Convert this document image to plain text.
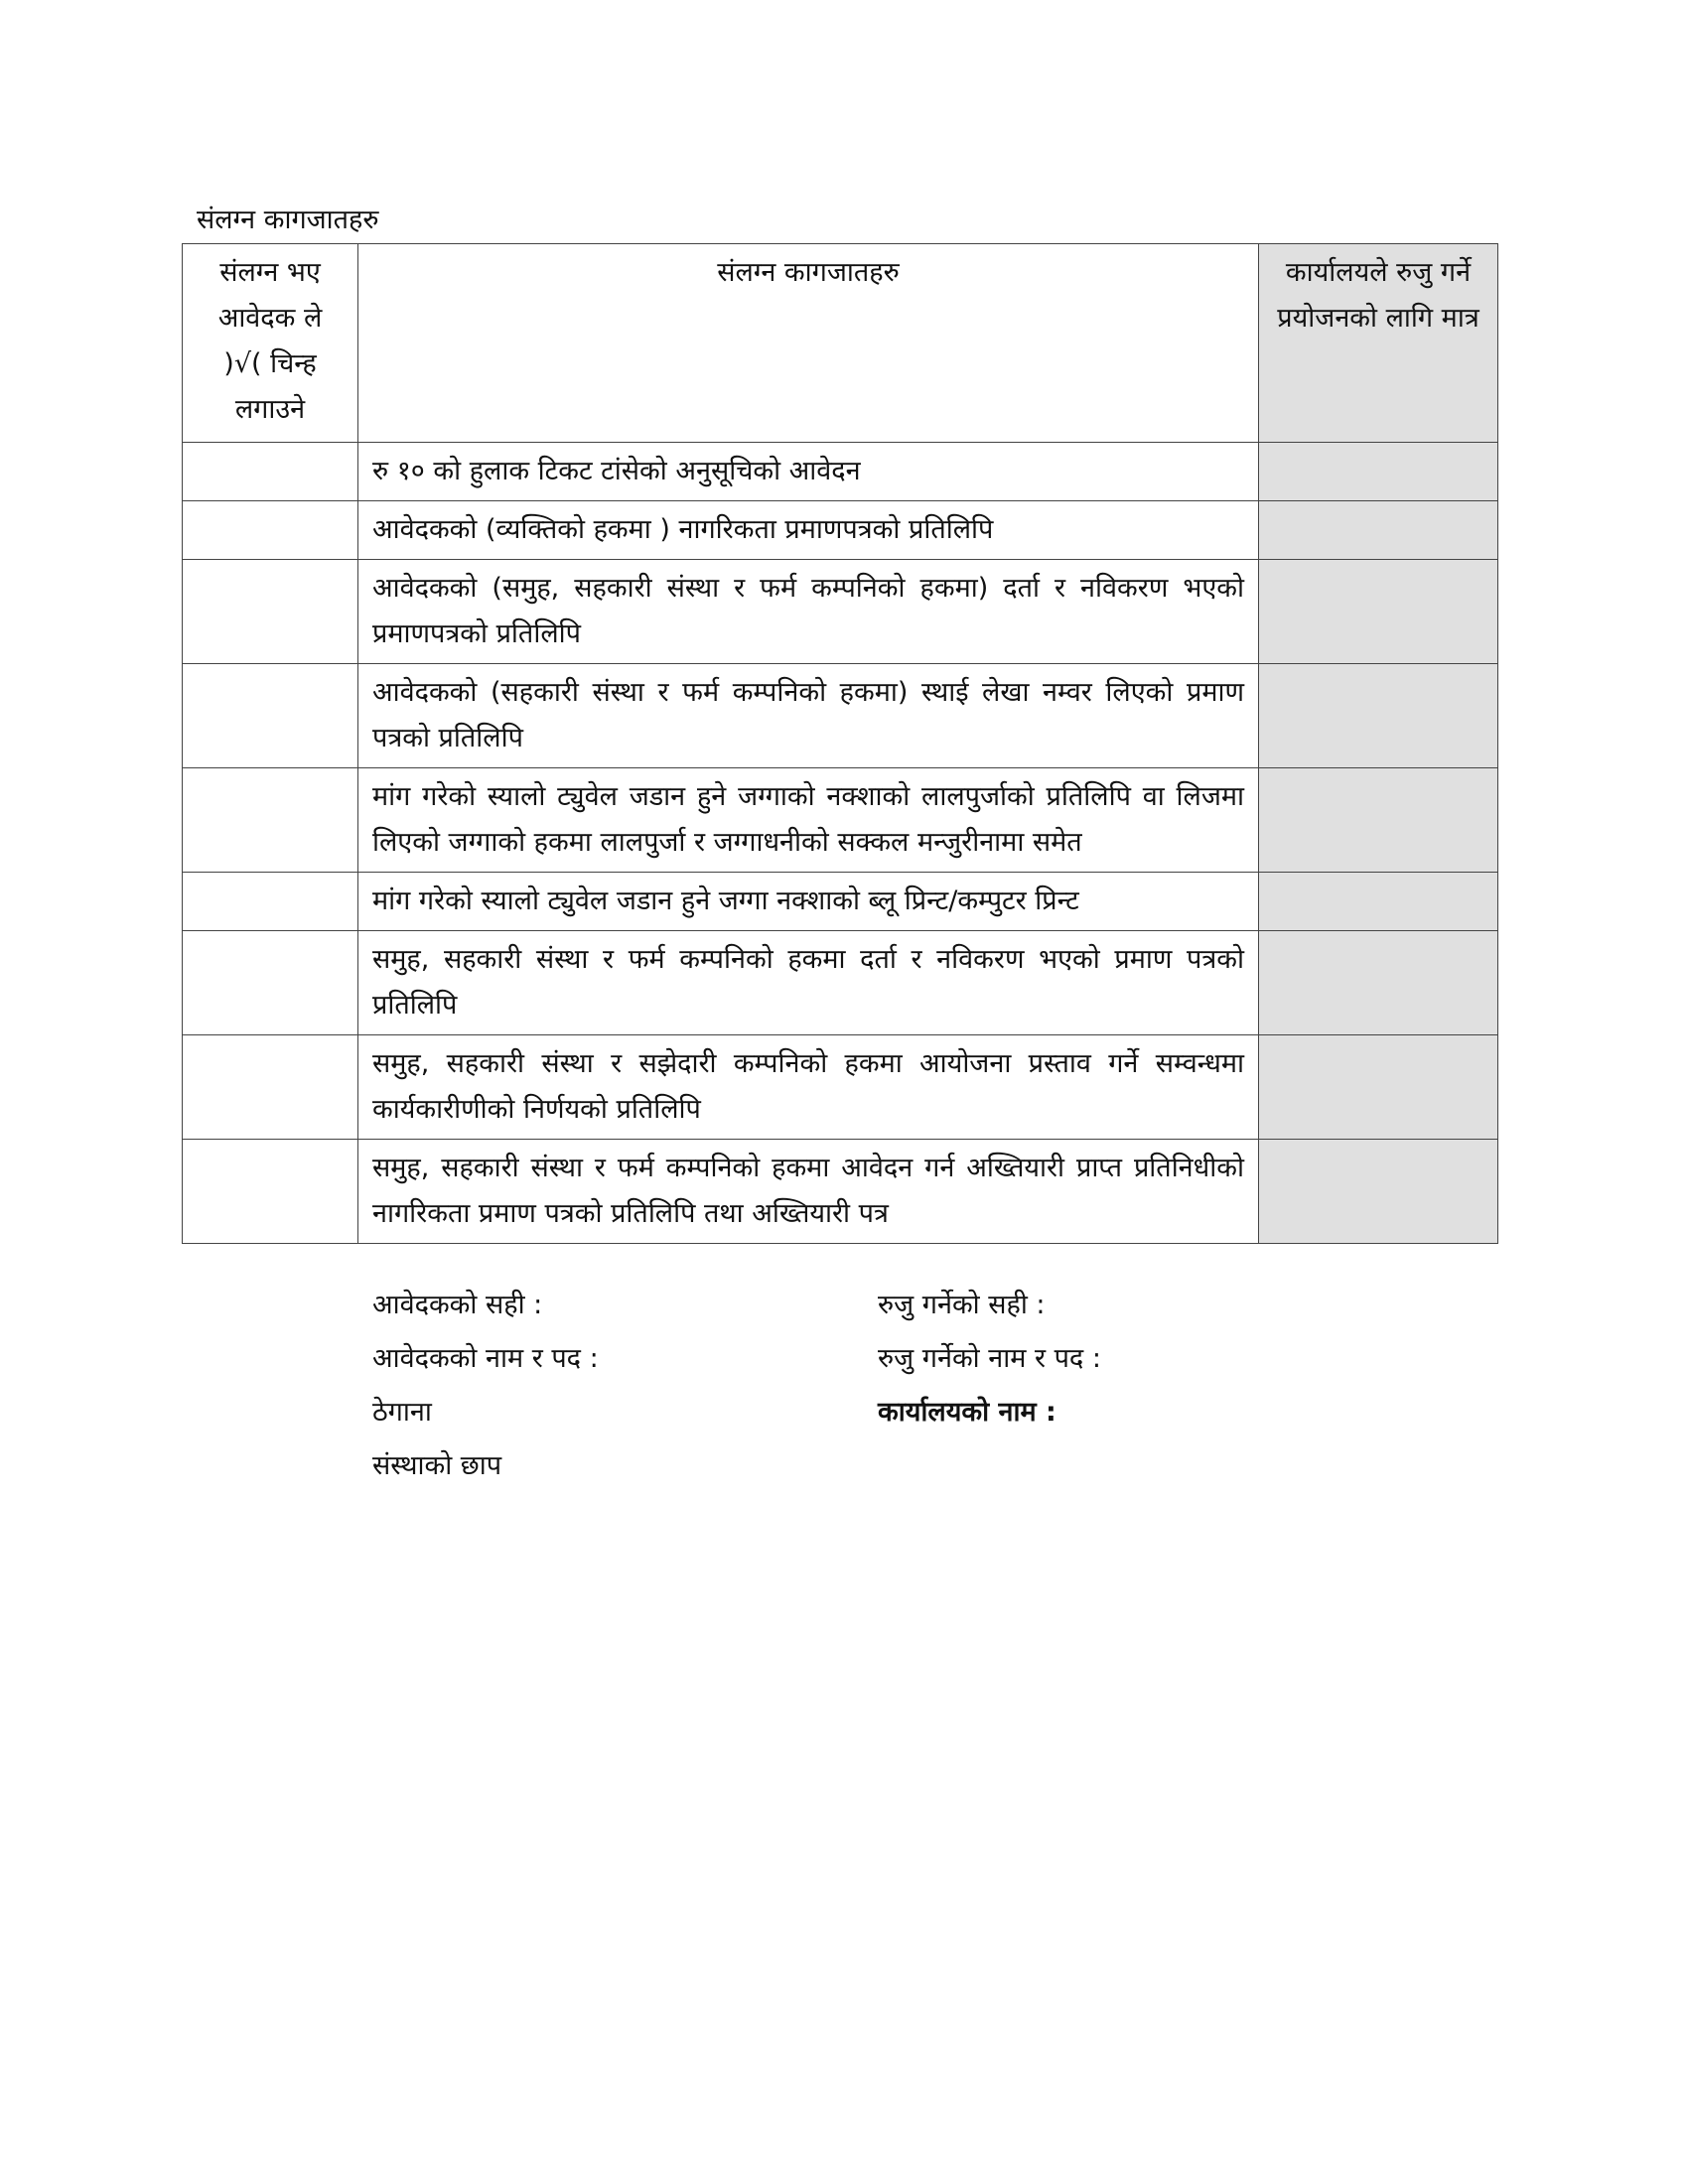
संलग्न कागजातहरु
संलग्न भए आवेदक ले )√( चिन्ह लगाउने	संलग्न कागजातहरु	कार्यालयले रुजु गर्ने प्रयोजनको लागि मात्र
	रु १० को हुलाक टिकट टांसेको अनुसूचिको आवेदन	
	आवेदकको (व्यक्तिको हकमा ) नागरिकता प्रमाणपत्रको प्रतिलिपि	
	आवेदकको (समुह, सहकारी संस्था र फर्म कम्पनिको हकमा) दर्ता र नविकरण भएको प्रमाणपत्रको प्रतिलिपि	
	आवेदकको (सहकारी संस्था र फर्म कम्पनिको हकमा) स्थाई लेखा नम्वर लिएको प्रमाण पत्रको प्रतिलिपि	
	मांग गरेको स्यालो ट्युवेल जडान हुने जग्गाको नक्शाको लालपुर्जाको प्रतिलिपि वा लिजमा लिएको जग्गाको हकमा लालपुर्जा र जग्गाधनीको सक्कल मन्जुरीनामा समेत	
	मांग गरेको स्यालो ट्युवेल जडान हुने जग्गा नक्शाको ब्लू प्रिन्ट/कम्पुटर प्रिन्ट	
	समुह, सहकारी संस्था र फर्म कम्पनिको हकमा दर्ता र नविकरण भएको प्रमाण पत्रको प्रतिलिपि	
	समुह, सहकारी संस्था र सझेदारी कम्पनिको हकमा आयोजना प्रस्ताव गर्ने सम्वन्धमा कार्यकारीणीको निर्णयको प्रतिलिपि	
	समुह, सहकारी संस्था र फर्म कम्पनिको हकमा आवेदन गर्न अख्तियारी प्राप्त प्रतिनिधीको नागरिकता प्रमाण पत्रको प्रतिलिपि तथा अख्तियारी पत्र	
आवेदकको सही :
आवेदकको नाम र पद :
ठेगाना
संस्थाको छाप
रुजु गर्नेको सही :
रुजु गर्नेको नाम र पद :
कार्यालयको नाम :
